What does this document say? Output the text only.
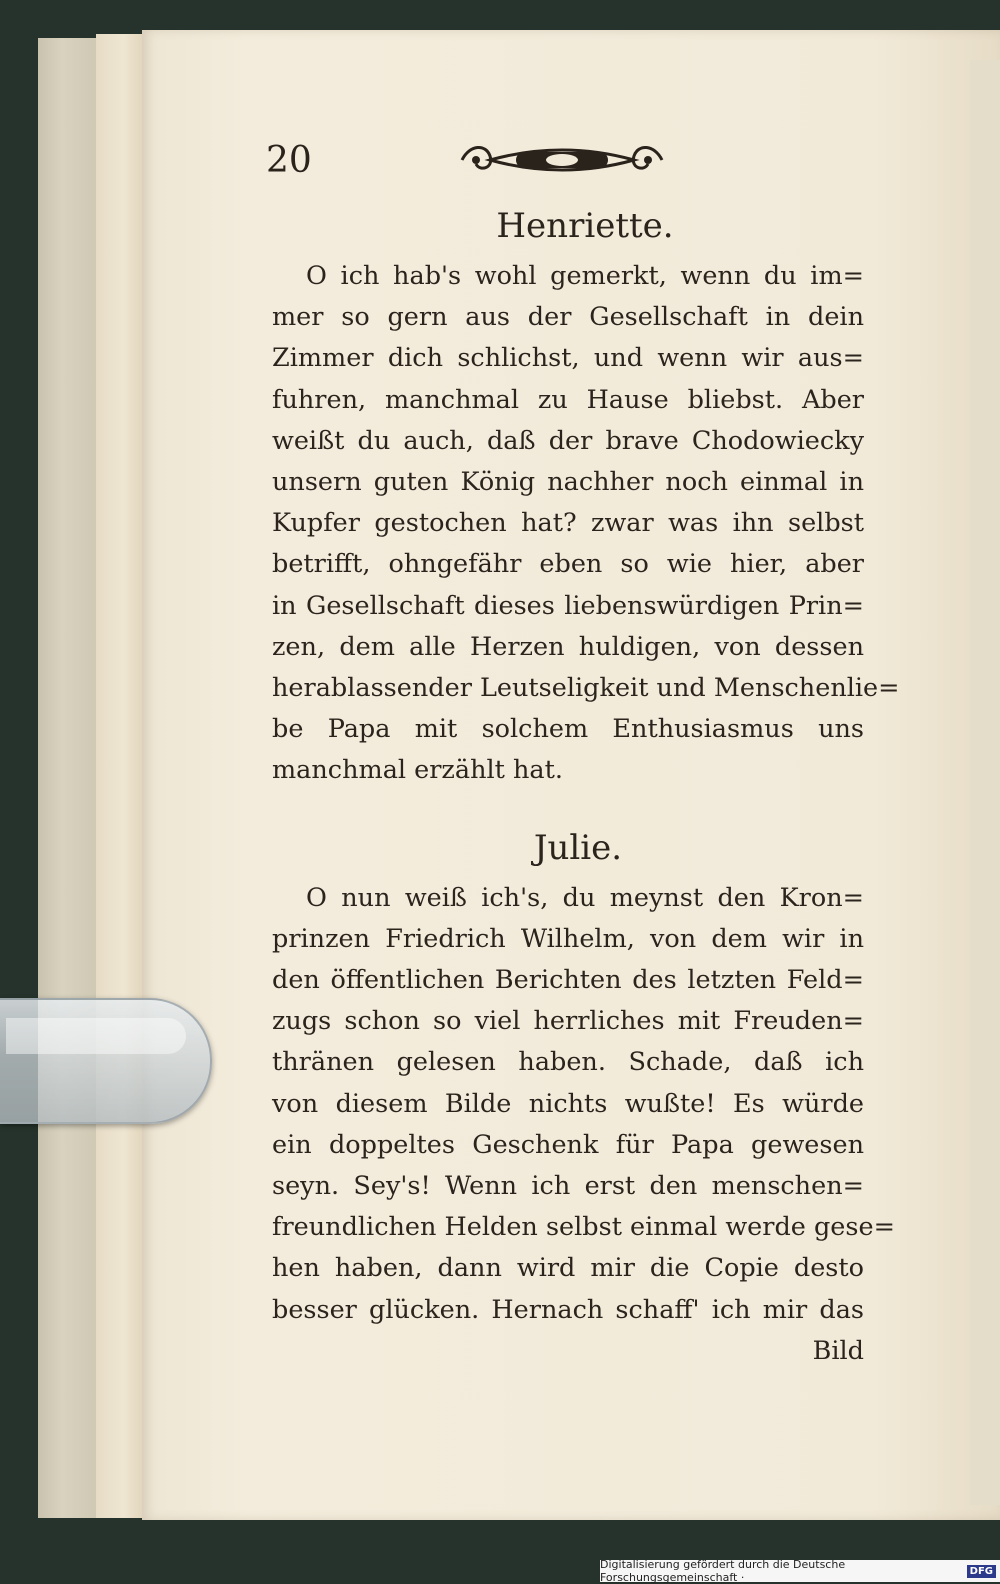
20
Henriette.
O ich hab's wohl gemerkt, wenn du im=
mer so gern aus der Gesellschaft in dein
Zimmer dich schlichst, und wenn wir aus=
fuhren, manchmal zu Hause bliebst. Aber
weißt du auch, daß der brave Chodowiecky
unsern guten König nachher noch einmal in
Kupfer gestochen hat? zwar was ihn selbst
betrifft, ohngefähr eben so wie hier, aber
in Gesellschaft dieses liebenswürdigen Prin=
zen, dem alle Herzen huldigen, von dessen
herablassender Leutseligkeit und Menschenlie=
be Papa mit solchem Enthusiasmus uns
manchmal erzählt hat.
Julie.
O nun weiß ich's, du meynst den Kron=
prinzen Friedrich Wilhelm, von dem wir in
den öffentlichen Berichten des letzten Feld=
zugs schon so viel herrliches mit Freuden=
thränen gelesen haben. Schade, daß ich
von diesem Bilde nichts wußte! Es würde
ein doppeltes Geschenk für Papa gewesen
seyn. Sey's! Wenn ich erst den menschen=
freundlichen Helden selbst einmal werde gese=
hen haben, dann wird mir die Copie desto
besser glücken. Hernach schaff' ich mir das
Bild
Digitalisierung gefördert durch die Deutsche Forschungsgemeinschaft ·	DFG
